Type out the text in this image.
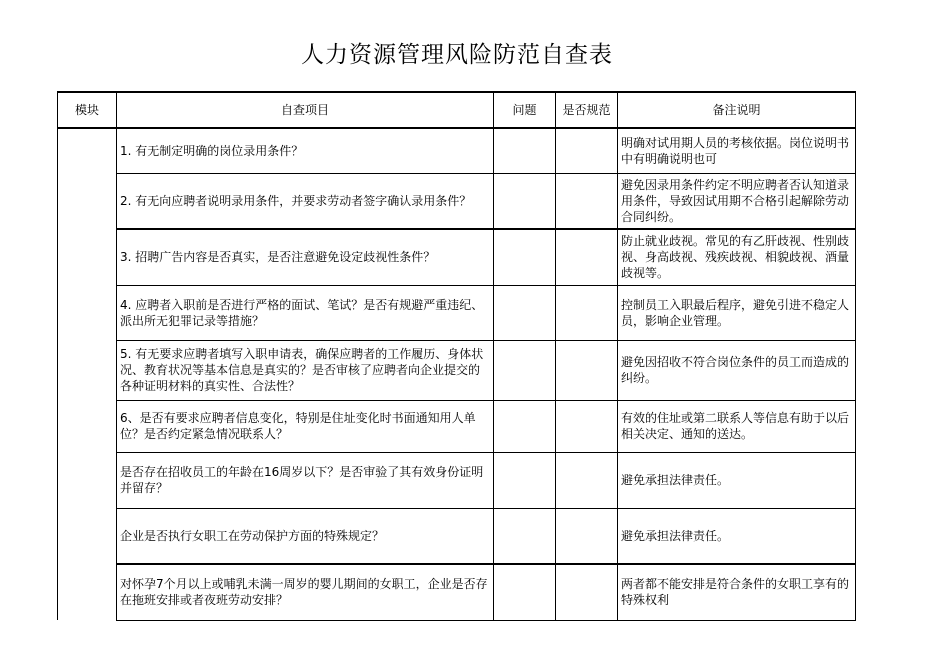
人力资源管理风险防范自查表
模块	自查项目	问题	是否规范	备注说明
	1. 有无制定明确的岗位录用条件？			明确对试用期人员的考核依据。岗位说明书中有明确说明也可
	2. 有无向应聘者说明录用条件，并要求劳动者签字确认录用条件？			避免因录用条件约定不明应聘者否认知道录用条件，导致因试用期不合格引起解除劳动合同纠纷。
	3. 招聘广告内容是否真实，是否注意避免设定歧视性条件？			防止就业歧视。常见的有乙肝歧视、性别歧视、身高歧视、残疾歧视、相貌歧视、酒量歧视等。
	4. 应聘者入职前是否进行严格的面试、笔试？是否有规避严重违纪、派出所无犯罪记录等措施？			控制员工入职最后程序，避免引进不稳定人员，影响企业管理。
	5. 有无要求应聘者填写入职申请表，确保应聘者的工作履历、身体状况、教育状况等基本信息是真实的？是否审核了应聘者向企业提交的各种证明材料的真实性、合法性？			避免因招收不符合岗位条件的员工而造成的纠纷。
	6、是否有要求应聘者信息变化，特别是住址变化时书面通知用人单位？是否约定紧急情况联系人？			有效的住址或第二联系人等信息有助于以后相关决定、通知的送达。
	是否存在招收员工的年龄在16周岁以下？是否审验了其有效身份证明并留存？			避免承担法律责任。
	企业是否执行女职工在劳动保护方面的特殊规定？			避免承担法律责任。
	对怀孕7个月以上或哺乳未满一周岁的婴儿期间的女职工，企业是否存在拖班安排或者夜班劳动安排？			两者都不能安排是符合条件的女职工享有的特殊权利
